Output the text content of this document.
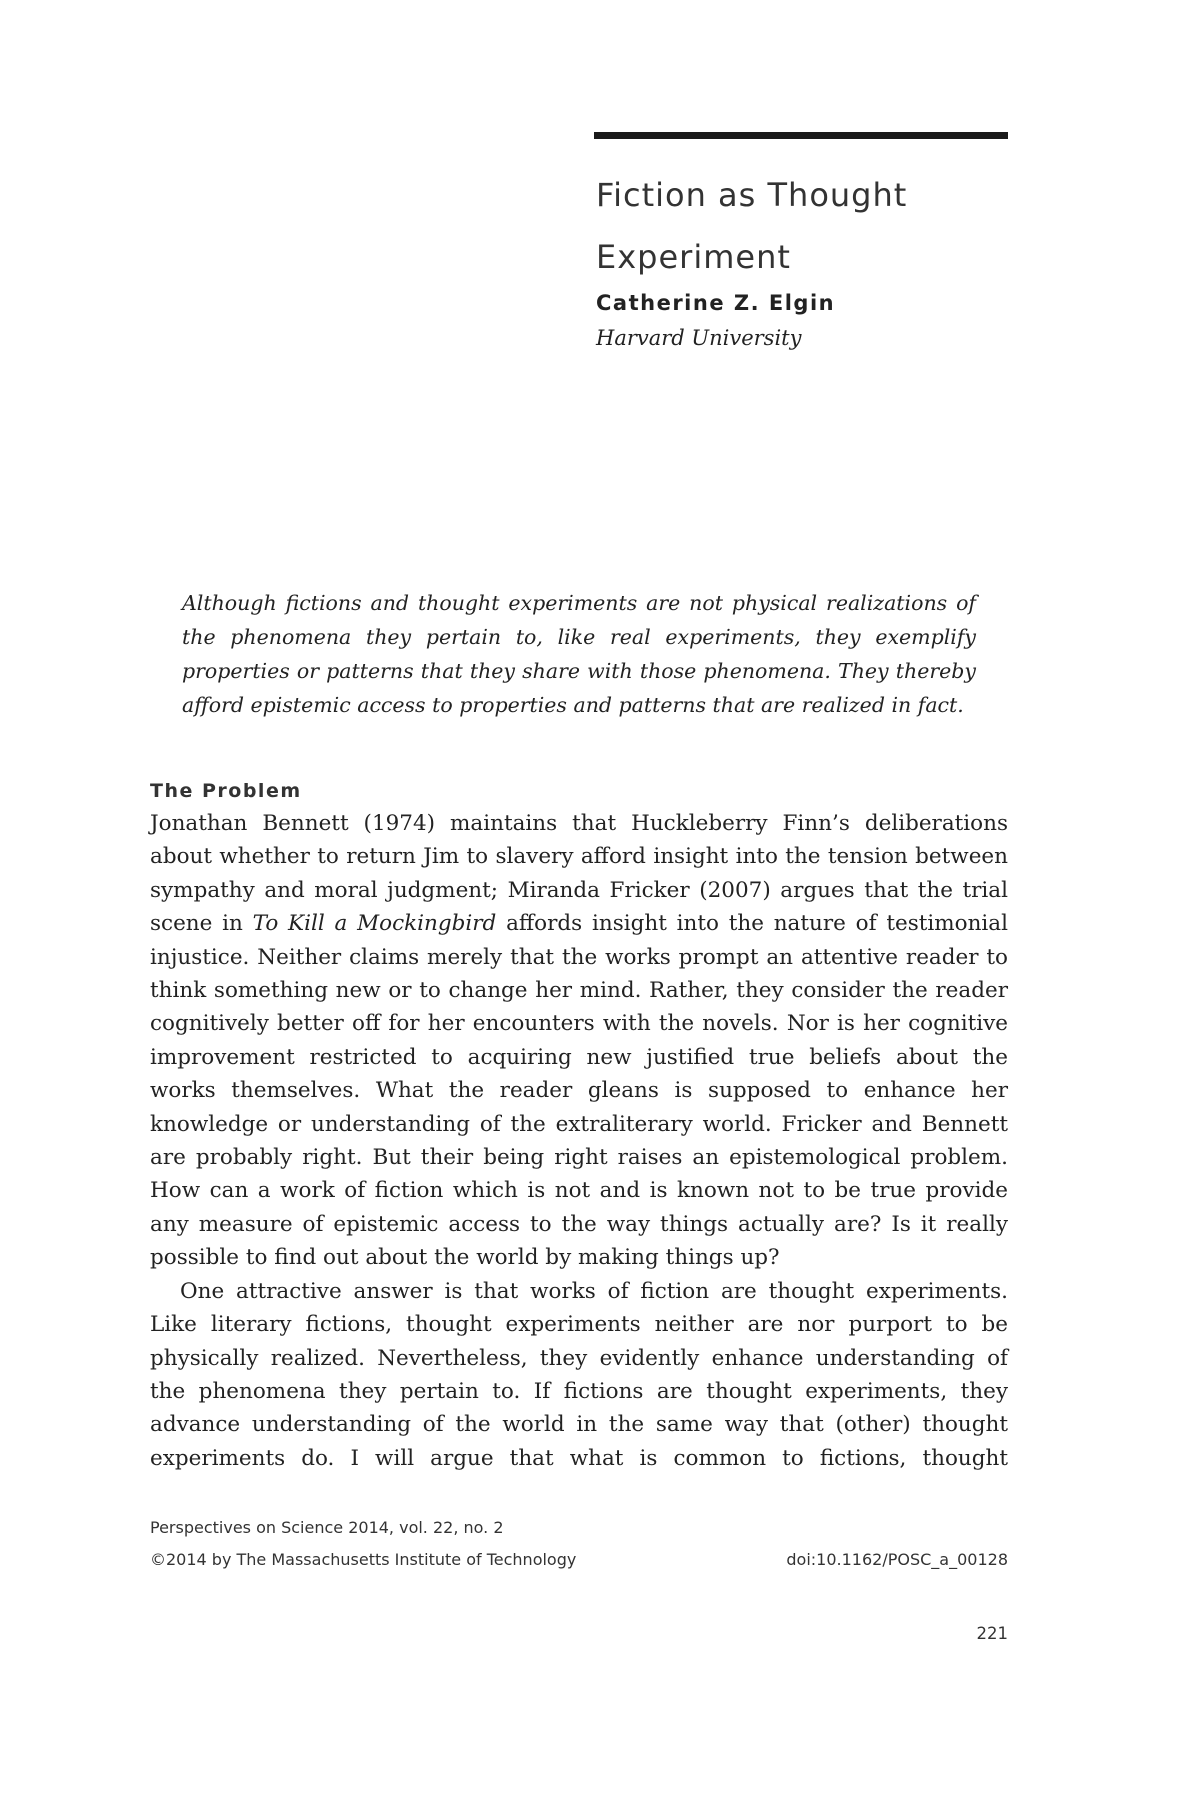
Fiction as Thought
Experiment
Catherine Z. Elgin
Harvard University
Although fictions and thought experiments are not physical realizations of the phenomena they pertain to, like real experiments, they exemplify properties or patterns that they share with those phenomena. They thereby afford epistemic access to properties and patterns that are realized in fact.
The Problem

Jonathan Bennett (1974) maintains that Huckleberry Finn’s deliberations about whether to return Jim to slavery afford insight into the tension between sympathy and moral judgment; Miranda Fricker (2007) argues that the trial scene in To Kill a Mockingbird affords insight into the nature of testimonial injustice. Neither claims merely that the works prompt an attentive reader to think something new or to change her mind. Rather, they consider the reader cognitively better off for her encounters with the novels. Nor is her cognitive improvement restricted to acquiring new justified true beliefs about the works themselves. What the reader gleans is supposed to enhance her knowledge or understanding of the extraliterary world. Fricker and Bennett are probably right. But their being right raises an epistemological problem. How can a work of fiction which is not and is known not to be true provide any measure of epistemic access to the way things actually are? Is it really possible to find out about the world by making things up?

One attractive answer is that works of fiction are thought experiments. Like literary fictions, thought experiments neither are nor purport to be physically realized. Nevertheless, they evidently enhance understanding of the phenomena they pertain to. If fictions are thought experiments, they advance understanding of the world in the same way that (other) thought experiments do. I will argue that what is common to fictions, thought

Perspectives on Science 2014, vol. 22, no. 2
©2014 by The Massachusetts Institute of Technology	doi:10.1162/POSC_a_00128
221
